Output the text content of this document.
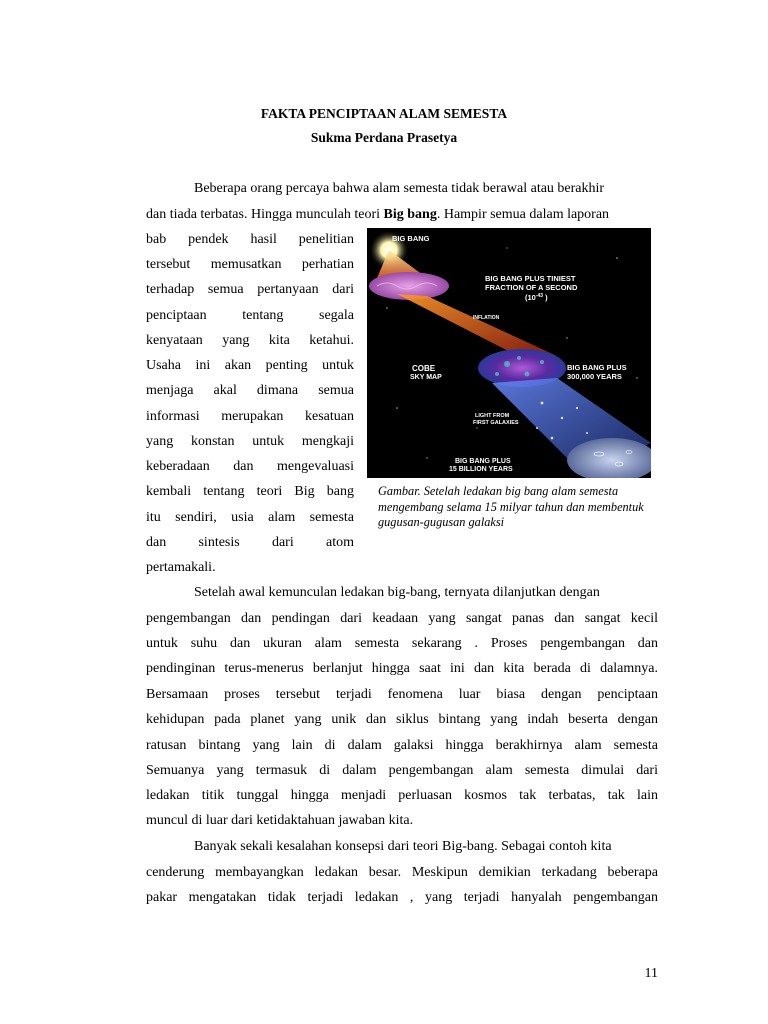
FAKTA PENCIPTAAN ALAM SEMESTA
Sukma Perdana Prasetya
Beberapa orang percaya bahwa alam semesta tidak berawal atau berakhir
dan tiada terbatas. Hingga munculah teori Big bang. Hampir semua dalam laporan
bab pendek hasil penelitian
tersebut memusatkan perhatian
terhadap semua pertanyaan dari
penciptaan tentang segala
kenyataan yang kita ketahui.
Usaha ini akan penting untuk
menjaga akal dimana semua
informasi merupakan kesatuan
yang konstan untuk mengkaji
keberadaan dan mengevaluasi
kembali tentang teori Big bang
itu sendiri, usia alam semesta
dan sintesis dari atom
pertamakali.
BIG BANG
BIG BANG PLUS TINIEST
FRACTION OF A SECOND
($10^{-43}$ )
INFLATION
COBE
SKY MAP
BIG BANG PLUS
300,000 YEARS
LIGHT FROM
FIRST GALAXIES
BIG BANG PLUS
15 BILLION YEARS
Gambar. Setelah ledakan big bang alam semesta mengembang selama 15 milyar tahun dan membentuk gugusan-gugusan galaksi
Setelah awal kemunculan ledakan big-bang, ternyata dilanjutkan dengan
pengembangan dan pendingan dari keadaan yang sangat panas dan sangat kecil
untuk suhu dan ukuran alam semesta sekarang . Proses pengembangan dan
pendinginan terus-menerus berlanjut hingga saat ini dan kita berada di dalamnya.
Bersamaan proses tersebut terjadi fenomena luar biasa dengan penciptaan
kehidupan pada planet yang unik dan siklus bintang yang indah beserta dengan
ratusan bintang yang lain di dalam galaksi hingga berakhirnya alam semesta
Semuanya yang termasuk di dalam pengembangan alam semesta dimulai dari
ledakan titik tunggal hingga menjadi perluasan kosmos tak terbatas, tak lain
muncul di luar dari ketidaktahuan jawaban kita.
Banyak sekali kesalahan konsepsi dari teori Big-bang. Sebagai contoh kita
cenderung membayangkan ledakan besar. Meskipun demikian terkadang beberapa
pakar mengatakan tidak terjadi ledakan , yang terjadi hanyalah pengembangan
11
